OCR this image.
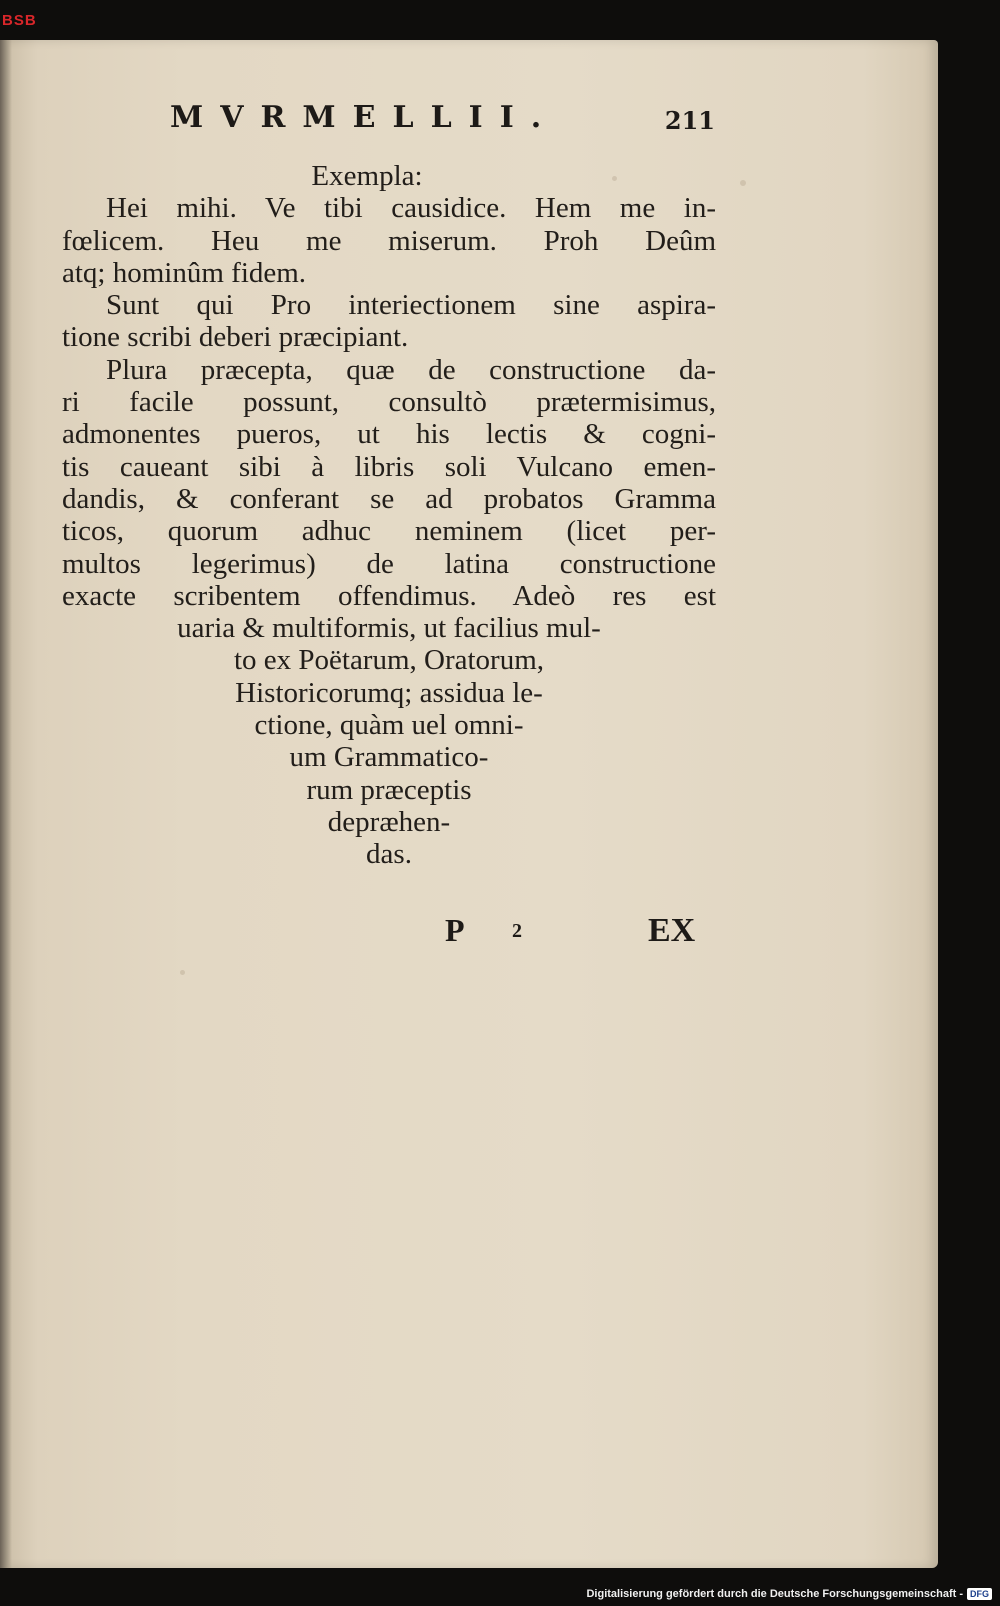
BSB
MVRMELLII.	211
Exempla:
Hei mihi. Ve tibi causidice. Hem me in-
fœlicem. Heu me miserum. Proh Deûm
atq; hominûm fidem.
Sunt qui Pro interiectionem sine aspira-
tione scribi deberi præcipiant.
Plura præcepta, quæ de constructione da-
ri facile possunt, consultò prætermisimus,
admonentes pueros, ut his lectis & cogni-
tis caueant sibi à libris soli Vulcano emen-
dandis, & conferant se ad probatos Gramma
ticos, quorum adhuc neminem (licet per-
multos legerimus) de latina constructione
exacte scribentem offendimus. Adeò res est
uaria & multiformis, ut facilius mul-
to ex Poëtarum, Oratorum,
Historicorumq; assidua le-
ctione, quàm uel omni-
um Grammatico-
rum præceptis
depræhen-
das.
P 2	EX
Digitalisierung gefördert durch die Deutsche Forschungsgemeinschaft - DFG
